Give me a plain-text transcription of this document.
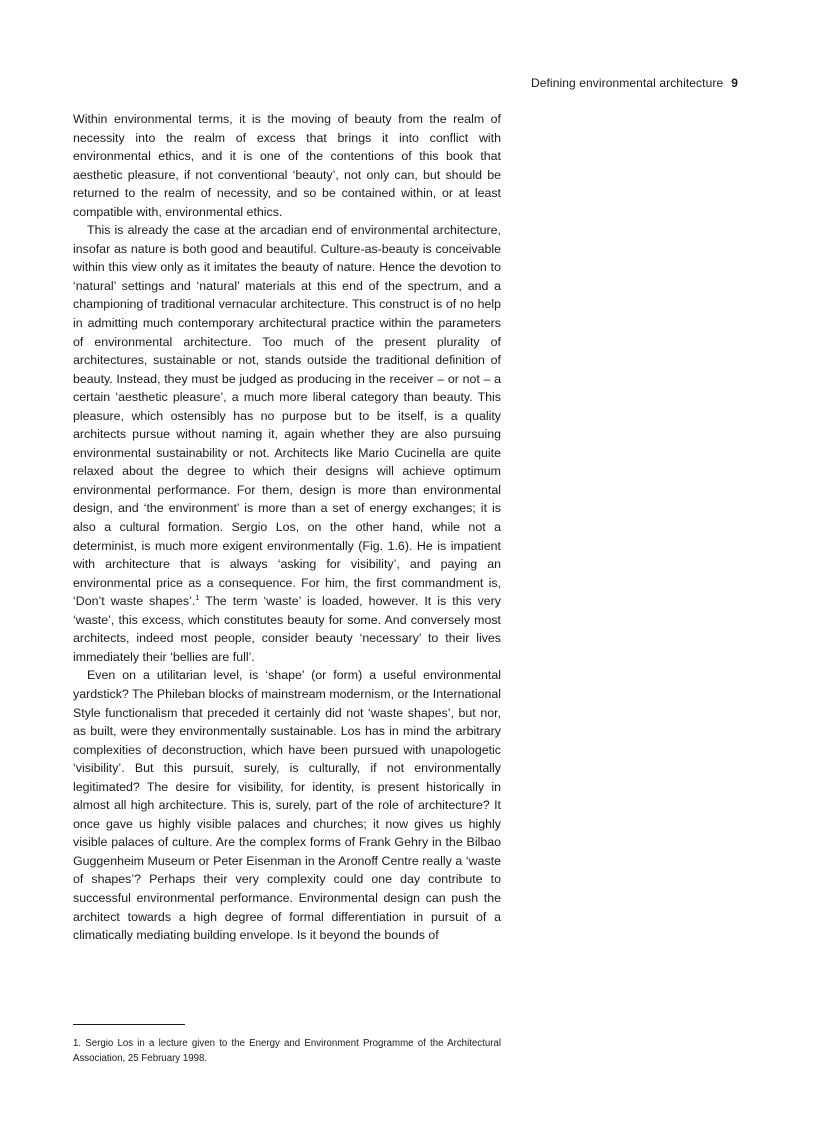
Defining environmental architecture 9

Within environmental terms, it is the moving of beauty from the realm of necessity into the realm of excess that brings it into conflict with environmental ethics, and it is one of the contentions of this book that aesthetic pleasure, if not conventional ‘beauty’, not only can, but should be returned to the realm of necessity, and so be contained within, or at least compatible with, environmental ethics.

This is already the case at the arcadian end of environmental architecture, insofar as nature is both good and beautiful. Culture-as-beauty is conceivable within this view only as it imitates the beauty of nature. Hence the devotion to ‘natural’ settings and ‘natural’ materials at this end of the spectrum, and a championing of traditional vernacular architecture. This construct is of no help in admitting much contemporary architectural practice within the parameters of environmental architecture. Too much of the present plurality of architectures, sustainable or not, stands outside the traditional definition of beauty. Instead, they must be judged as producing in the receiver – or not – a certain ‘aesthetic pleasure’, a much more liberal category than beauty. This pleasure, which ostensibly has no purpose but to be itself, is a quality architects pursue without naming it, again whether they are also pursuing environmental sustainability or not. Architects like Mario Cucinella are quite relaxed about the degree to which their designs will achieve optimum environmental performance. For them, design is more than environmental design, and ‘the environment’ is more than a set of energy exchanges; it is also a cultural formation. Sergio Los, on the other hand, while not a determinist, is much more exigent environmentally (Fig. 1.6). He is impatient with architecture that is always ‘asking for visibility’, and paying an environmental price as a consequence. For him, the first commandment is, ‘Don’t waste shapes’.$^1$ The term ‘waste’ is loaded, however. It is this very ‘waste’, this excess, which constitutes beauty for some. And conversely most architects, indeed most people, consider beauty ‘necessary’ to their lives immediately their ‘bellies are full’.

Even on a utilitarian level, is ‘shape’ (or form) a useful environmental yardstick? The Phileban blocks of mainstream modernism, or the International Style functionalism that preceded it certainly did not ‘waste shapes’, but nor, as built, were they environmentally sustainable. Los has in mind the arbitrary complexities of deconstruction, which have been pursued with unapologetic ‘visibility’. But this pursuit, surely, is culturally, if not environmentally legitimated? The desire for visibility, for identity, is present historically in almost all high architecture. This is, surely, part of the role of architecture? It once gave us highly visible palaces and churches; it now gives us highly visible palaces of culture. Are the complex forms of Frank Gehry in the Bilbao Guggenheim Museum or Peter Eisenman in the Aronoff Centre really a ‘waste of shapes’? Perhaps their very complexity could one day contribute to successful environmental performance. Environmental design can push the architect towards a high degree of formal differentiation in pursuit of a climatically mediating building envelope. Is it beyond the bounds of

1. Sergio Los in a lecture given to the Energy and Environment Programme of the Architectural Association, 25 February 1998.
